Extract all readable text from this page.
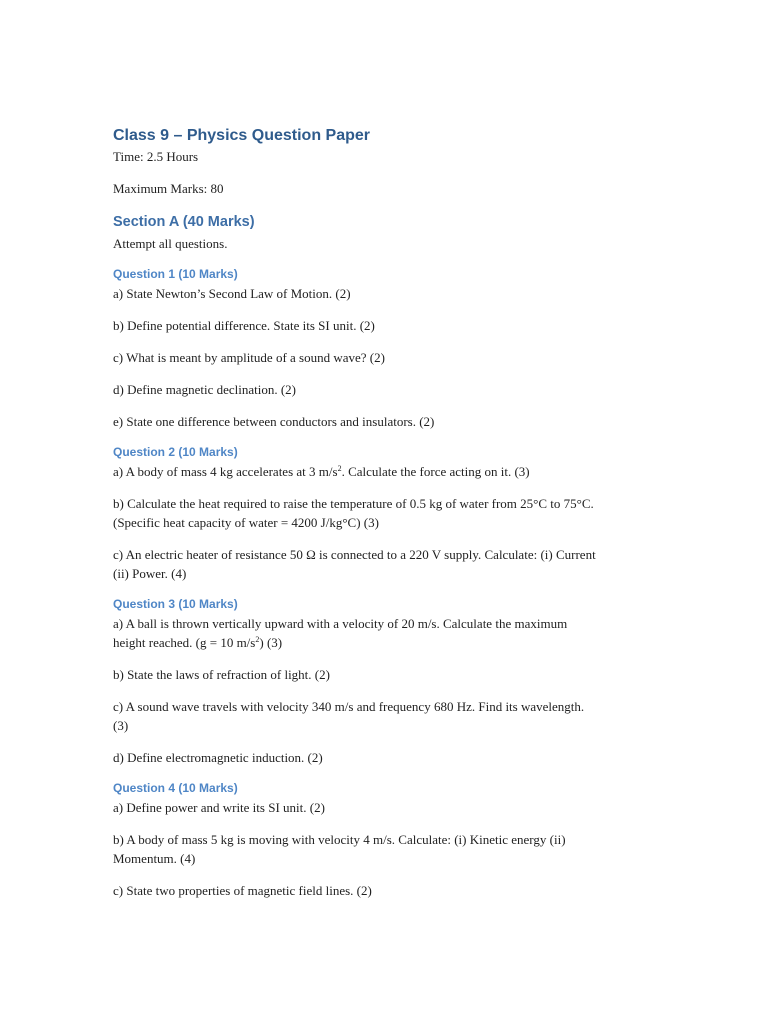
Class 9 – Physics Question Paper

Time: 2.5 Hours

Maximum Marks: 80

Section A (40 Marks)

Attempt all questions.

Question 1 (10 Marks)

a) State Newton’s Second Law of Motion. (2)

b) Define potential difference. State its SI unit. (2)

c) What is meant by amplitude of a sound wave? (2)

d) Define magnetic declination. (2)

e) State one difference between conductors and insulators. (2)

Question 2 (10 Marks)

a) A body of mass 4 kg accelerates at 3 $m/s^2$. Calculate the force acting on it. (3)

b) Calculate the heat required to raise the temperature of 0.5 kg of water from 25°C to 75°C.
(Specific heat capacity of water = 4200 J/kg°C) (3)

c) An electric heater of resistance 50 Ω is connected to a 220 V supply. Calculate: (i) Current
(ii) Power. (4)

Question 3 (10 Marks)

a) A ball is thrown vertically upward with a velocity of 20 m/s. Calculate the maximum
height reached. (g = 10 $m/s^2$) (3)

b) State the laws of refraction of light. (2)

c) A sound wave travels with velocity 340 m/s and frequency 680 Hz. Find its wavelength.
(3)

d) Define electromagnetic induction. (2)

Question 4 (10 Marks)

a) Define power and write its SI unit. (2)

b) A body of mass 5 kg is moving with velocity 4 m/s. Calculate: (i) Kinetic energy (ii)
Momentum. (4)

c) State two properties of magnetic field lines. (2)
